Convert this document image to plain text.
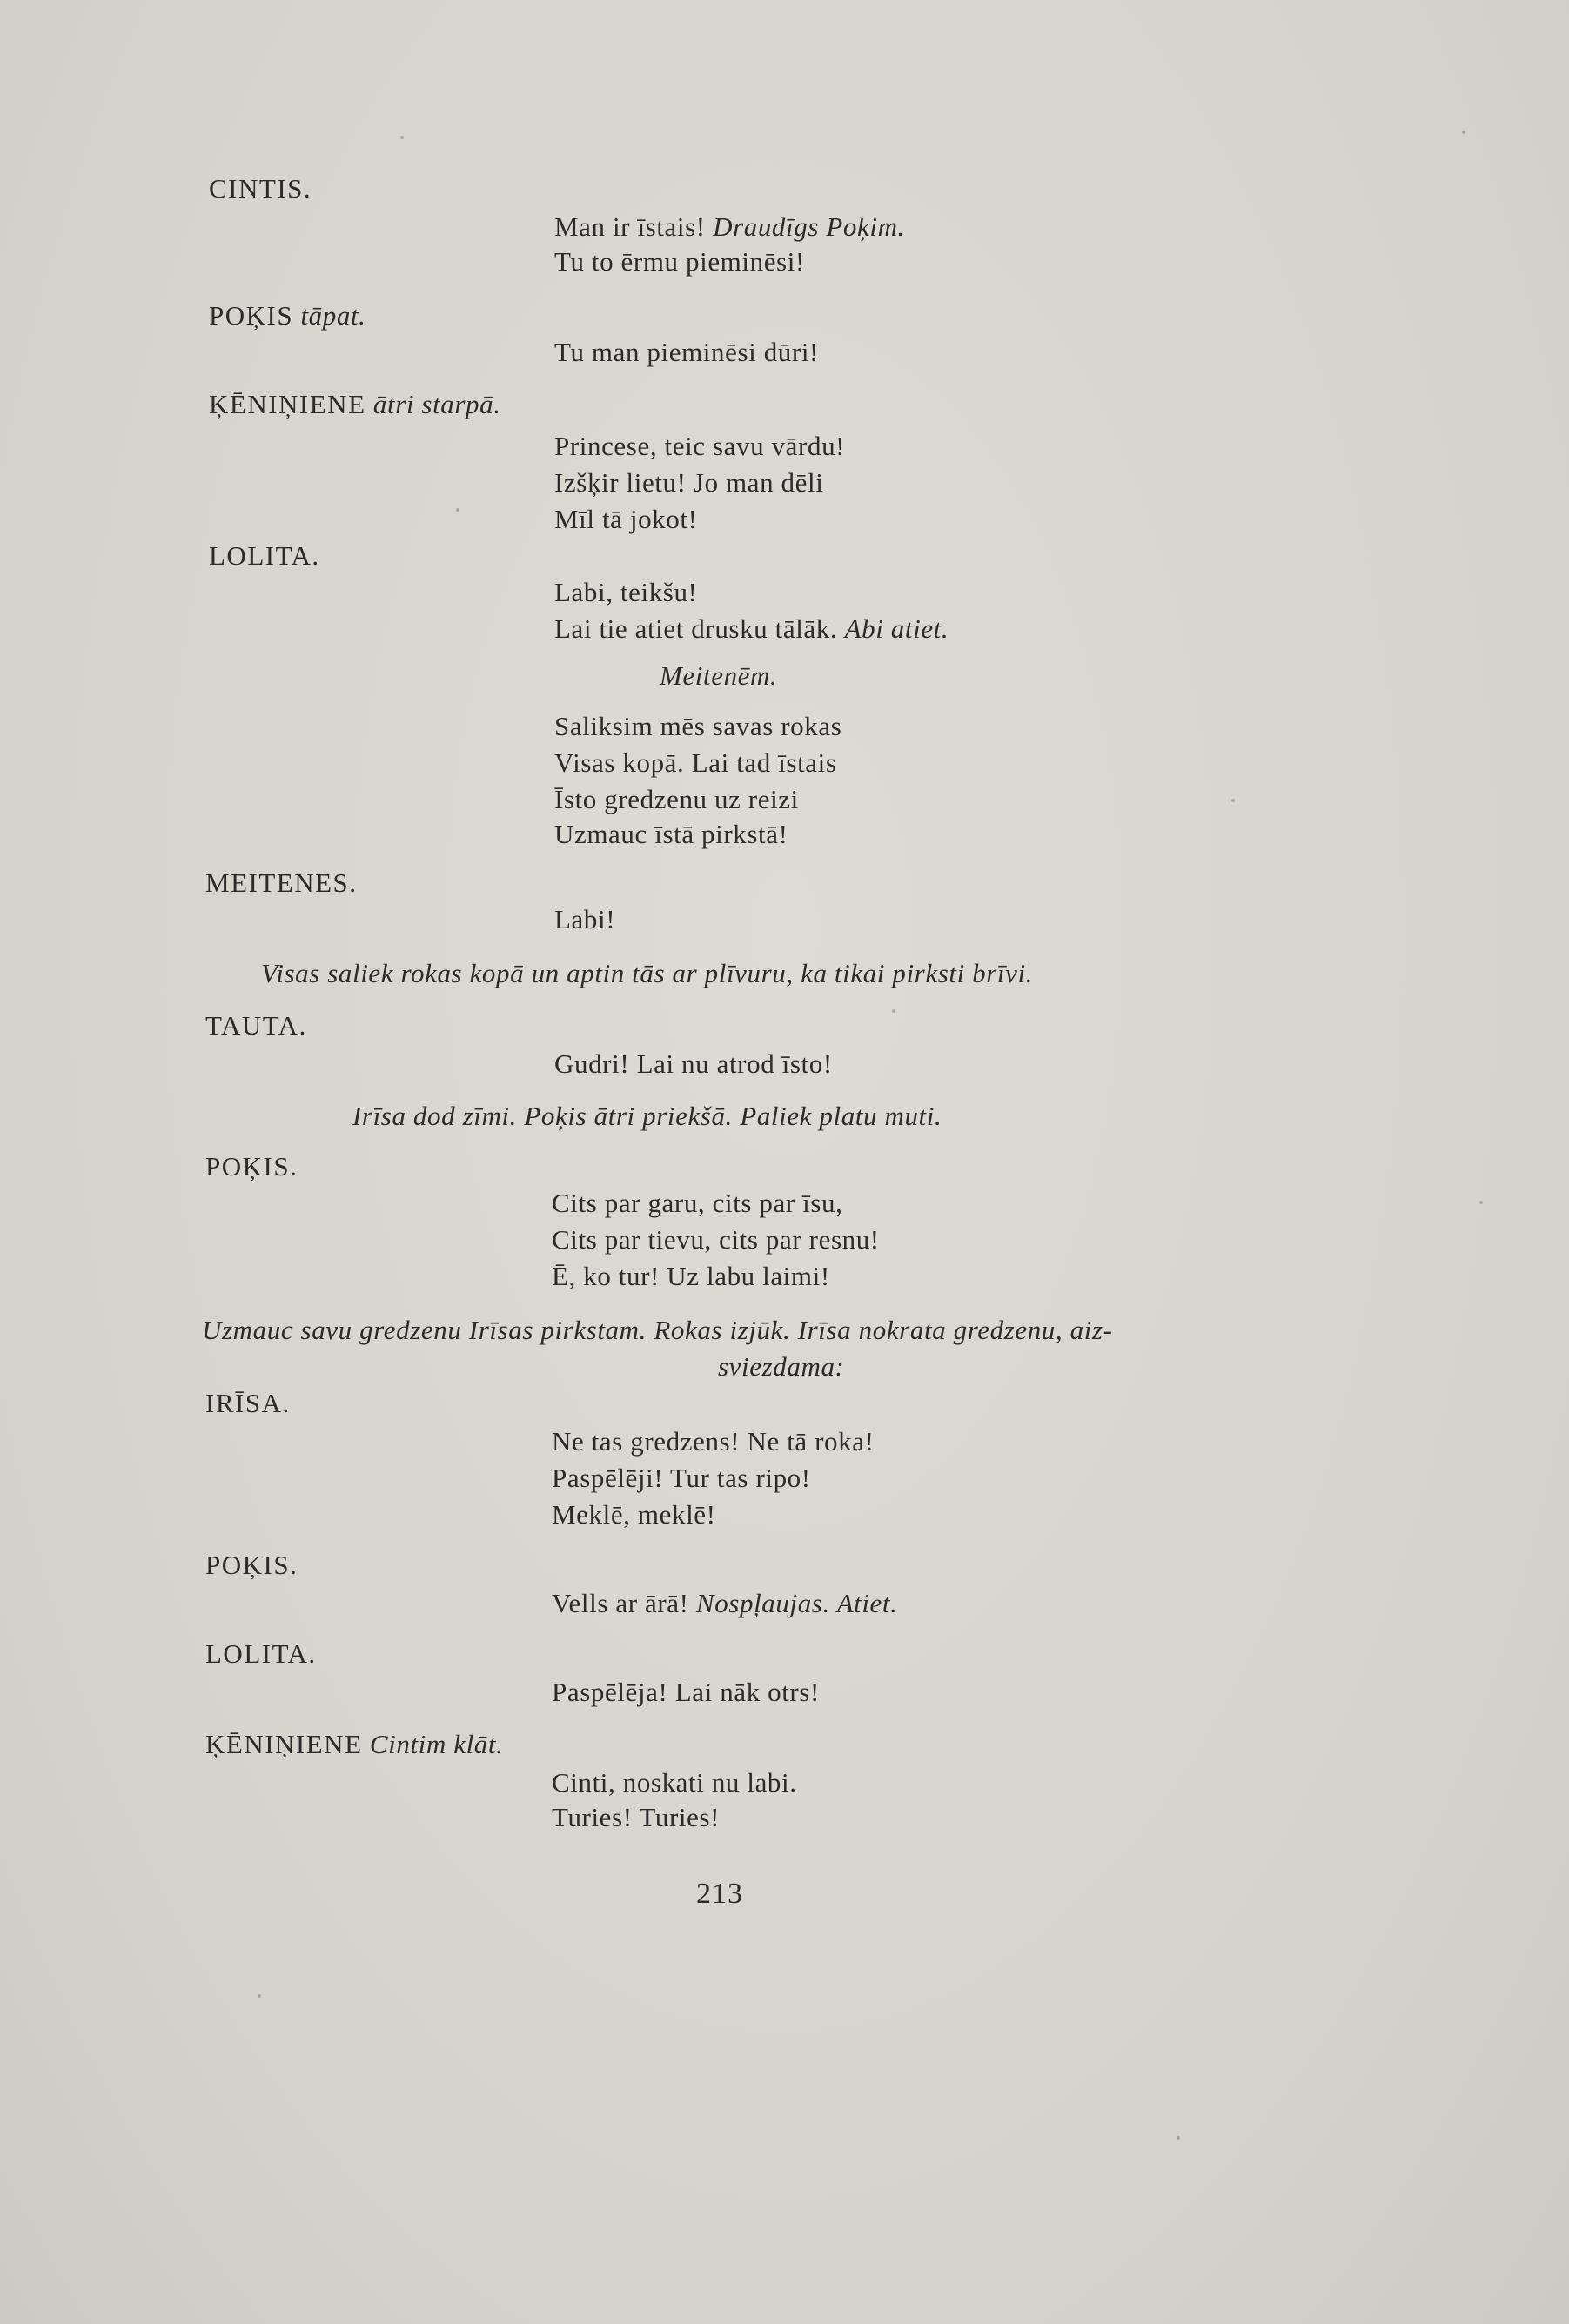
CINTIS.
Man ir īstais! Draudīgs Poķim.
Tu to ērmu pieminēsi!
POĶIS tāpat.
Tu man pieminēsi dūri!
ĶĒNIŅIENE ātri starpā.
Princese, teic savu vārdu!
Izšķir lietu! Jo man dēli
Mīl tā jokot!
LOLITA.
Labi, teikšu!
Lai tie atiet drusku tālāk. Abi atiet.
Meitenēm.
Saliksim mēs savas rokas
Visas kopā. Lai tad īstais
Īsto gredzenu uz reizi
Uzmauc īstā pirkstā!
MEITENES.
Labi!
Visas saliek rokas kopā un aptin tās ar plīvuru, ka tikai pirksti brīvi.
TAUTA.
Gudri! Lai nu atrod īsto!
Irīsa dod zīmi. Poķis ātri priekšā. Paliek platu muti.
POĶIS.
Cits par garu, cits par īsu,
Cits par tievu, cits par resnu!
Ē, ko tur! Uz labu laimi!
Uzmauc savu gredzenu Irīsas pirkstam. Rokas izjūk. Irīsa nokrata gredzenu, aiz-
sviezdama:
IRĪSA.
Ne tas gredzens! Ne tā roka!
Paspēlēji! Tur tas ripo!
Meklē, meklē!
POĶIS.
Vells ar ārā! Nospļaujas. Atiet.
LOLITA.
Paspēlēja! Lai nāk otrs!
ĶĒNIŅIENE Cintim klāt.
Cinti, noskati nu labi.
Turies! Turies!
213
